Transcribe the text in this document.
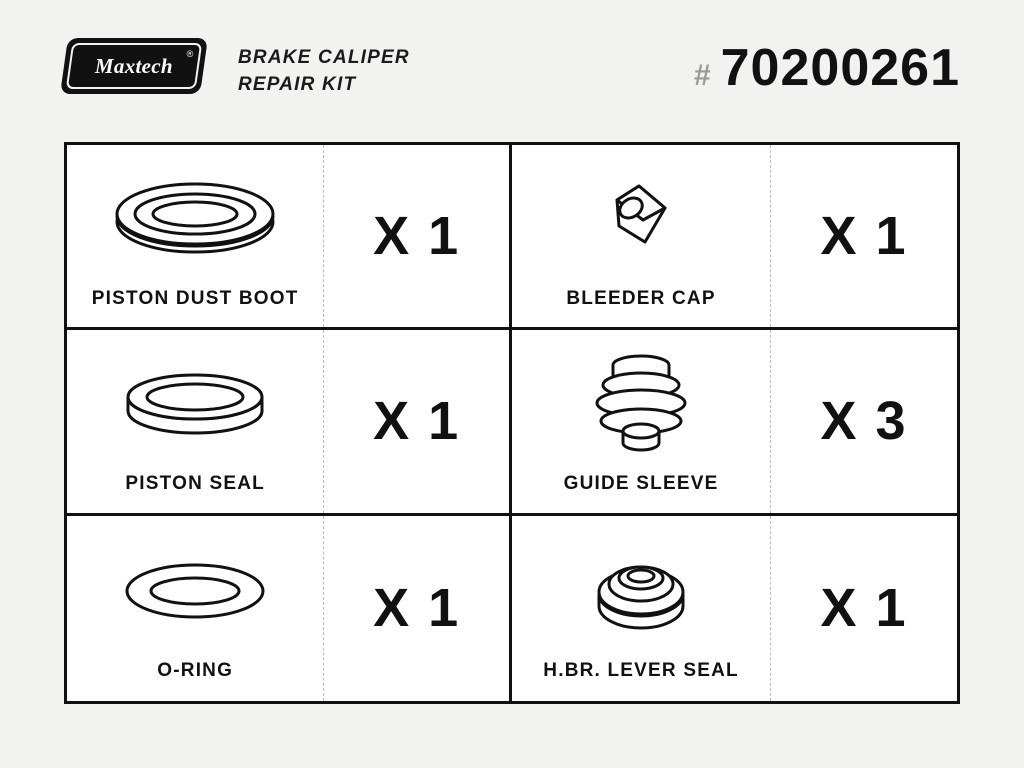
Maxtech ® BRAKE CALIPER
REPAIR KIT	# 70200261
PISTON DUST BOOT
X 1
BLEEDER CAP
X 1
PISTON SEAL
X 1
GUIDE SLEEVE
X 3
O-RING
X 1
H.BR. LEVER SEAL
X 1
